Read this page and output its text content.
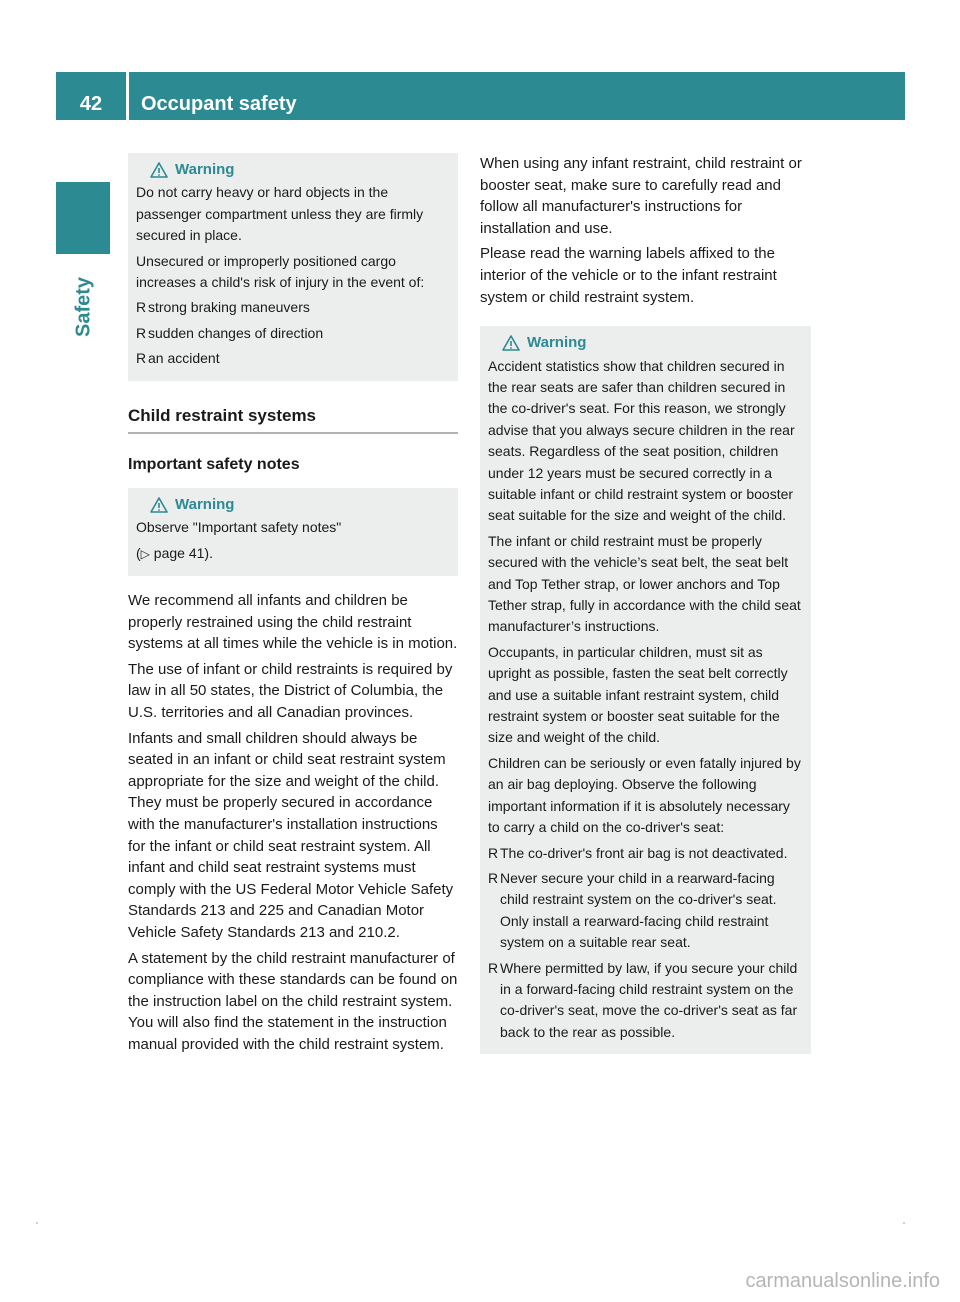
42	Occupant safety
Safety
Warning

Do not carry heavy or hard objects in the passenger compartment unless they are firmly secured in place.

Unsecured or improperly positioned cargo increases a child's risk of injury in the event of:

R strong braking maneuvers
R sudden changes of direction
R an accident
Child restraint systems
Important safety notes
Warning

Observe "Important safety notes"

(▷ page 41).

We recommend all infants and children be properly restrained using the child restraint systems at all times while the vehicle is in motion.

The use of infant or child restraints is required by law in all 50 states, the District of Columbia, the U.S. territories and all Canadian provinces.

Infants and small children should always be seated in an infant or child seat restraint system appropriate for the size and weight of the child. They must be properly secured in accordance with the manufacturer's installation instructions for the infant or child seat restraint system. All infant and child seat restraint systems must comply with the US Federal Motor Vehicle Safety Standards 213 and 225 and Canadian Motor Vehicle Safety Standards 213 and 210.2.

A statement by the child restraint manufacturer of compliance with these standards can be found on the instruction label on the child restraint system. You will also find the statement in the instruction manual provided with the child restraint system.

When using any infant restraint, child restraint or booster seat, make sure to carefully read and follow all manufacturer's instructions for installation and use.

Please read the warning labels affixed to the interior of the vehicle or to the infant restraint system or child restraint system.

Warning

Accident statistics show that children secured in the rear seats are safer than children secured in the co-driver's seat. For this reason, we strongly advise that you always secure children in the rear seats. Regardless of the seat position, children under 12 years must be secured correctly in a suitable infant or child restraint system or booster seat suitable for the size and weight of the child.

The infant or child restraint must be properly secured with the vehicle’s seat belt, the seat belt and Top Tether strap, or lower anchors and Top Tether strap, fully in accordance with the child seat manufacturer’s instructions.

Occupants, in particular children, must sit as upright as possible, fasten the seat belt correctly and use a suitable infant restraint system, child restraint system or booster seat suitable for the size and weight of the child.

Children can be seriously or even fatally injured by an air bag deploying. Observe the following important information if it is absolutely necessary to carry a child on the co-driver's seat:

R The co-driver's front air bag is not deactivated.
R Never secure your child in a rearward-facing child restraint system on the co-driver's seat. Only install a rearward-facing child restraint system on a suitable rear seat.
R Where permitted by law, if you secure your child in a forward-facing child restraint system on the co-driver's seat, move the co-driver's seat as far back to the rear as possible.
carmanualsonline.info
